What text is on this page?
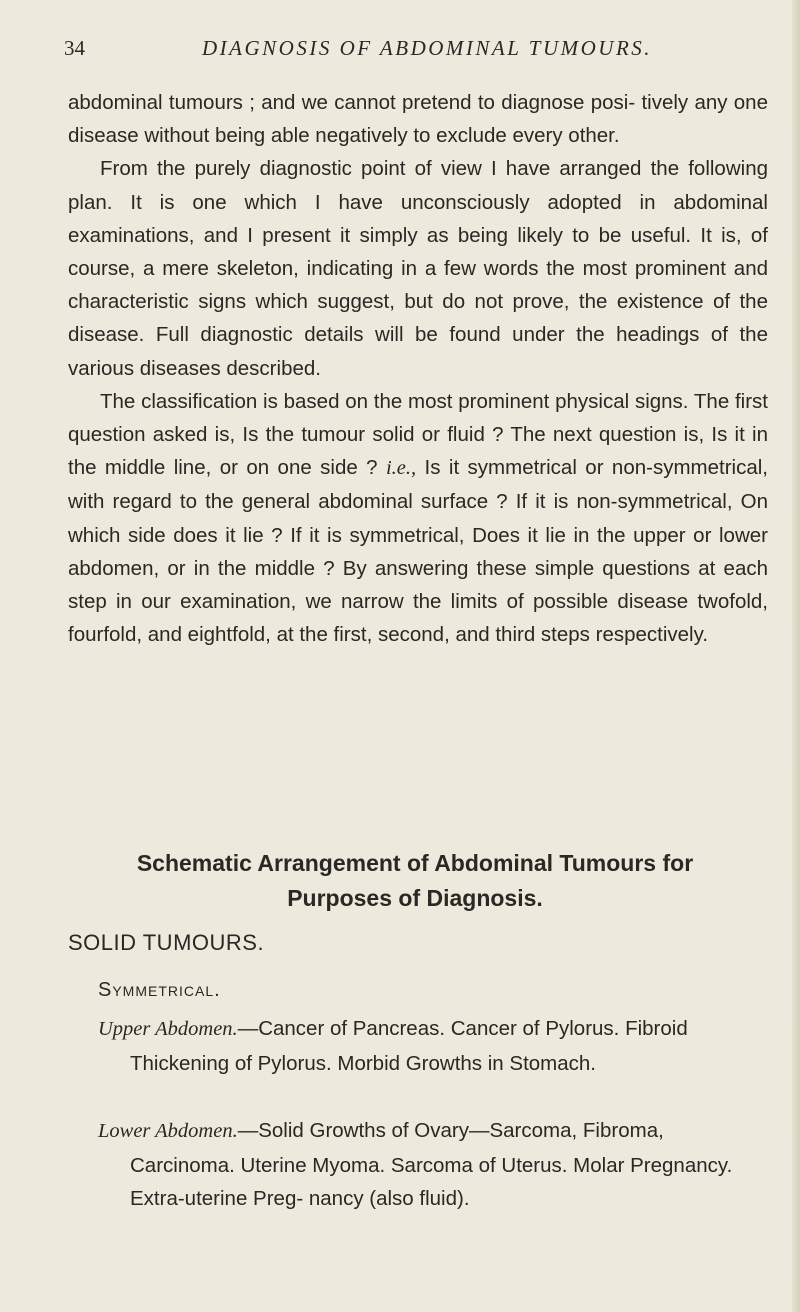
34	DIAGNOSIS OF ABDOMINAL TUMOURS.

abdominal tumours ; and we cannot pretend to diagnose posi- tively any one disease without being able negatively to exclude every other.

From the purely diagnostic point of view I have arranged the following plan. It is one which I have unconsciously adopted in abdominal examinations, and I present it simply as being likely to be useful. It is, of course, a mere skeleton, indicating in a few words the most prominent and characteristic signs which suggest, but do not prove, the existence of the disease. Full diagnostic details will be found under the headings of the various diseases described.

The classification is based on the most prominent physical signs. The first question asked is, Is the tumour solid or fluid ? The next question is, Is it in the middle line, or on one side ? i.e., Is it symmetrical or non-symmetrical, with regard to the general abdominal surface ? If it is non-symmetrical, On which side does it lie ? If it is symmetrical, Does it lie in the upper or lower abdomen, or in the middle ? By answering these simple questions at each step in our examination, we narrow the limits of possible disease twofold, fourfold, and eightfold, at the first, second, and third steps respectively.

Schematic Arrangement of Abdominal Tumours for
Purposes of Diagnosis.
SOLID TUMOURS.
Symmetrical.

Upper Abdomen.—Cancer of Pancreas. Cancer of Pylorus. Fibroid Thickening of Pylorus. Morbid Growths in Stomach.

Lower Abdomen.—Solid Growths of Ovary—Sarcoma, Fibroma, Carcinoma. Uterine Myoma. Sarcoma of Uterus. Molar Pregnancy. Extra-uterine Preg- nancy (also fluid).
